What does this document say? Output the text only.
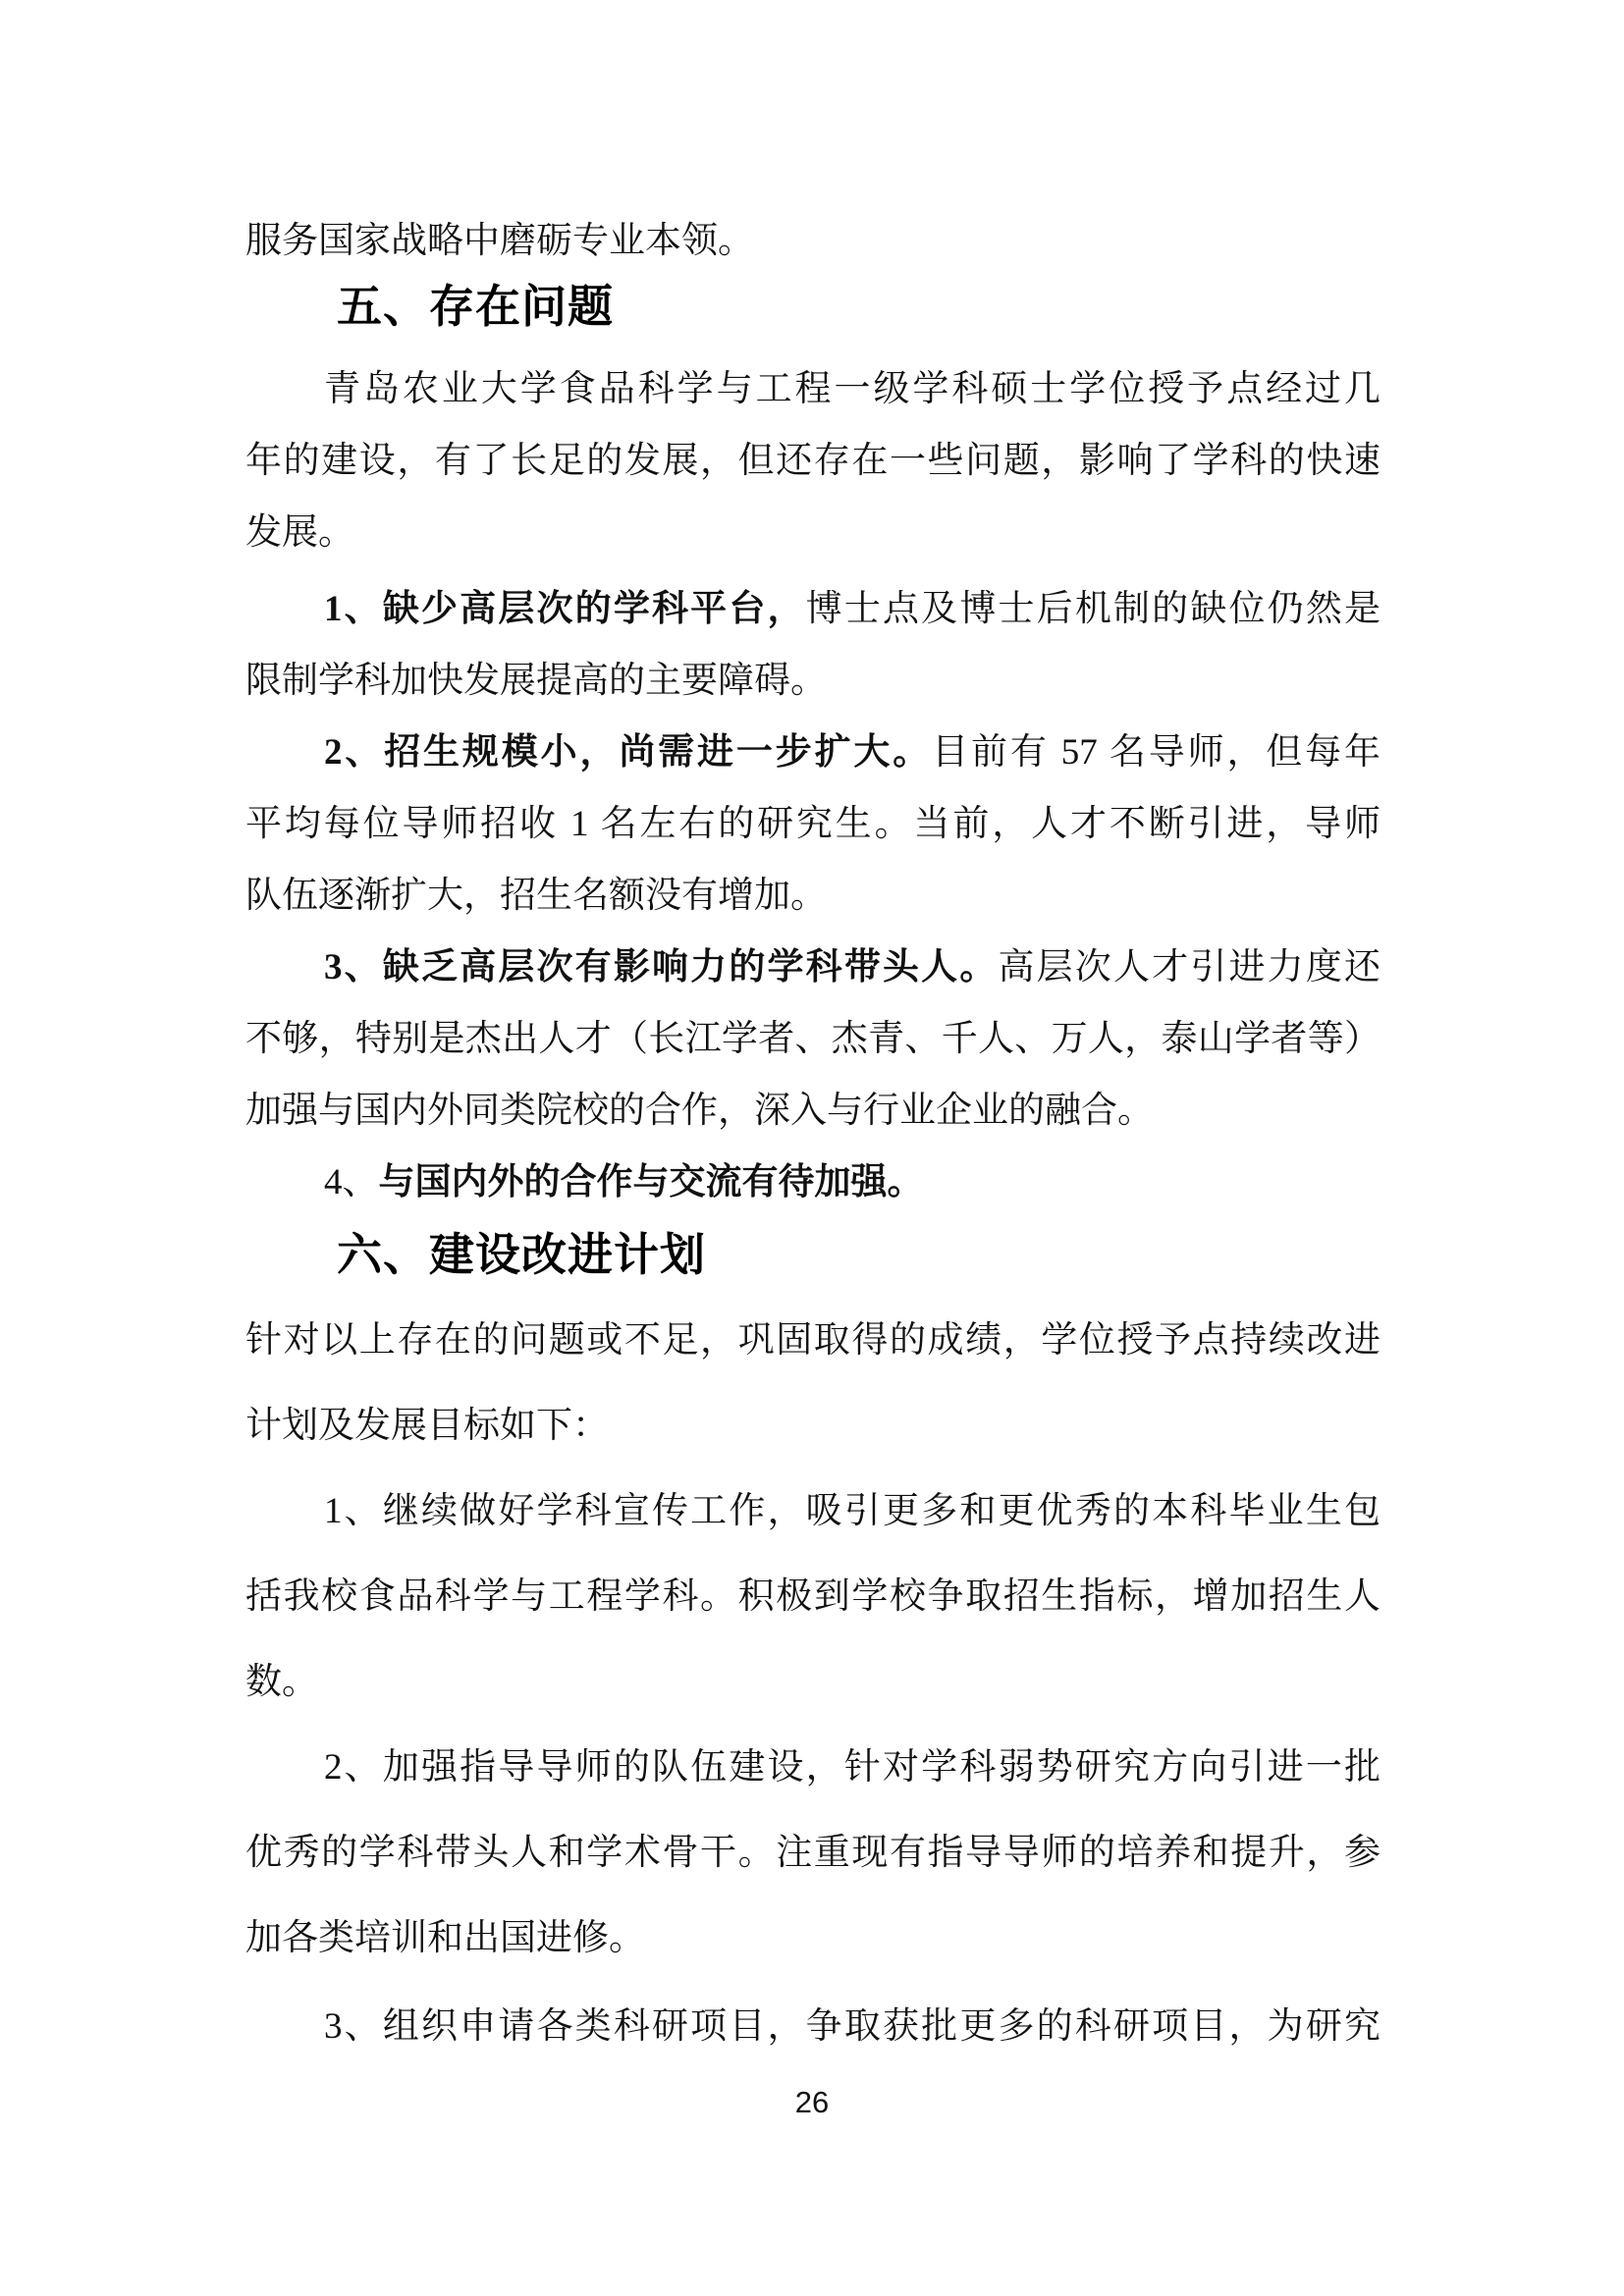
服务国家战略中磨砺专业本领。
五、存在问题
青岛农业大学食品科学与工程一级学科硕士学位授予点经过几
年的建设，有了长足的发展，但还存在一些问题，影响了学科的快速
发展。
1、缺少高层次的学科平台，博士点及博士后机制的缺位仍然是
限制学科加快发展提高的主要障碍。
2、招生规模小，尚需进一步扩大。目前有 57 名导师，但每年
平均每位导师招收 1 名左右的研究生。当前，人才不断引进，导师
队伍逐渐扩大，招生名额没有增加。
3、缺乏高层次有影响力的学科带头人。高层次人才引进力度还
不够，特别是杰出人才（长江学者、杰青、千人、万人，泰山学者等）
加强与国内外同类院校的合作，深入与行业企业的融合。
4、与国内外的合作与交流有待加强。
六、建设改进计划
针对以上存在的问题或不足，巩固取得的成绩，学位授予点持续改进
计划及发展目标如下：
1、继续做好学科宣传工作，吸引更多和更优秀的本科毕业生包
括我校食品科学与工程学科。积极到学校争取招生指标，增加招生人
数。
2、加强指导导师的队伍建设，针对学科弱势研究方向引进一批
优秀的学科带头人和学术骨干。注重现有指导导师的培养和提升，参
加各类培训和出国进修。
3、组织申请各类科研项目，争取获批更多的科研项目，为研究
26
